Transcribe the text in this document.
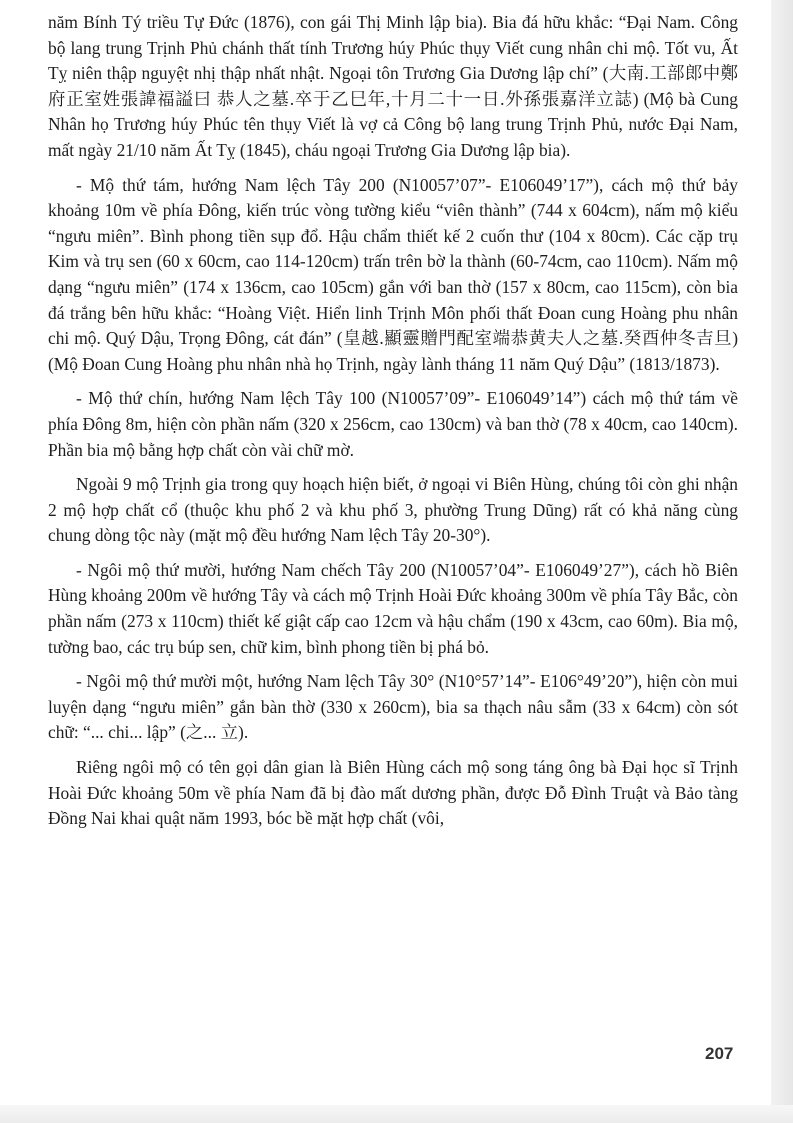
năm Bính Tý triều Tự Đức (1876), con gái Thị Minh lập bia). Bia đá hữu khắc: “Đại Nam. Công bộ lang trung Trịnh Phủ chánh thất tính Trương húy Phúc thụy Viết cung nhân chi mộ. Tốt vu, Ất Tỵ niên thập nguyệt nhị thập nhất nhật. Ngoại tôn Trương Gia Dương lập chí” (大南.工部郎中鄭府正室姓張諱福謚曰 恭人之墓.卒于乙巳年,十月二十一日.外孫張嘉洋立誌) (Mộ bà Cung Nhân họ Trương húy Phúc tên thụy Viết là vợ cả Công bộ lang trung Trịnh Phủ, nước Đại Nam, mất ngày 21/10 năm Ất Tỵ (1845), cháu ngoại Trương Gia Dương lập bia).

- Mộ thứ tám, hướng Nam lệch Tây 200 (N10057’07”- E106049’17”), cách mộ thứ bảy khoảng 10m về phía Đông, kiến trúc vòng tường kiểu “viên thành” (744 x 604cm), nấm mộ kiểu “ngưu miên”. Bình phong tiền sụp đổ. Hậu chẩm thiết kế 2 cuốn thư (104 x 80cm). Các cặp trụ Kim và trụ sen (60 x 60cm, cao 114-120cm) trấn trên bờ la thành (60-74cm, cao 110cm). Nấm mộ dạng “ngưu miên” (174 x 136cm, cao 105cm) gắn với ban thờ (157 x 80cm, cao 115cm), còn bia đá trắng bên hữu khắc: “Hoàng Việt. Hiển linh Trịnh Môn phối thất Đoan cung Hoàng phu nhân chi mộ. Quý Dậu, Trọng Đông, cát đán” (皇越.顯靈贈門配室端恭黄夫人之墓.癸酉仲冬吉旦) (Mộ Đoan Cung Hoàng phu nhân nhà họ Trịnh, ngày lành tháng 11 năm Quý Dậu” (1813/1873).

- Mộ thứ chín, hướng Nam lệch Tây 100 (N10057’09”- E106049’14”) cách mộ thứ tám về phía Đông 8m, hiện còn phần nấm (320 x 256cm, cao 130cm) và ban thờ (78 x 40cm, cao 140cm). Phần bia mộ bằng hợp chất còn vài chữ mờ.

Ngoài 9 mộ Trịnh gia trong quy hoạch hiện biết, ở ngoại vi Biên Hùng, chúng tôi còn ghi nhận 2 mộ hợp chất cổ (thuộc khu phố 2 và khu phố 3, phường Trung Dũng) rất có khả năng cùng chung dòng tộc này (mặt mộ đều hướng Nam lệch Tây 20-30°).

- Ngôi mộ thứ mười, hướng Nam chếch Tây 200 (N10057’04”- E106049’27”), cách hồ Biên Hùng khoảng 200m về hướng Tây và cách mộ Trịnh Hoài Đức khoảng 300m về phía Tây Bắc, còn phần nấm (273 x 110cm) thiết kế giật cấp cao 12cm và hậu chẩm (190 x 43cm, cao 60m). Bia mộ, tường bao, các trụ búp sen, chữ kim, bình phong tiền bị phá bỏ.

- Ngôi mộ thứ mười một, hướng Nam lệch Tây 30° (N10°57’14”- E106°49’20”), hiện còn mui luyện dạng “ngưu miên” gắn bàn thờ (330 x 260cm), bia sa thạch nâu sẫm (33 x 64cm) còn sót chữ: “... chi... lập” (之... 立).

Riêng ngôi mộ có tên gọi dân gian là Biên Hùng cách mộ song táng ông bà Đại học sĩ Trịnh Hoài Đức khoảng 50m về phía Nam đã bị đào mất dương phần, được Đỗ Đình Truật và Bảo tàng Đồng Nai khai quật năm 1993, bóc bề mặt hợp chất (vôi,

207
